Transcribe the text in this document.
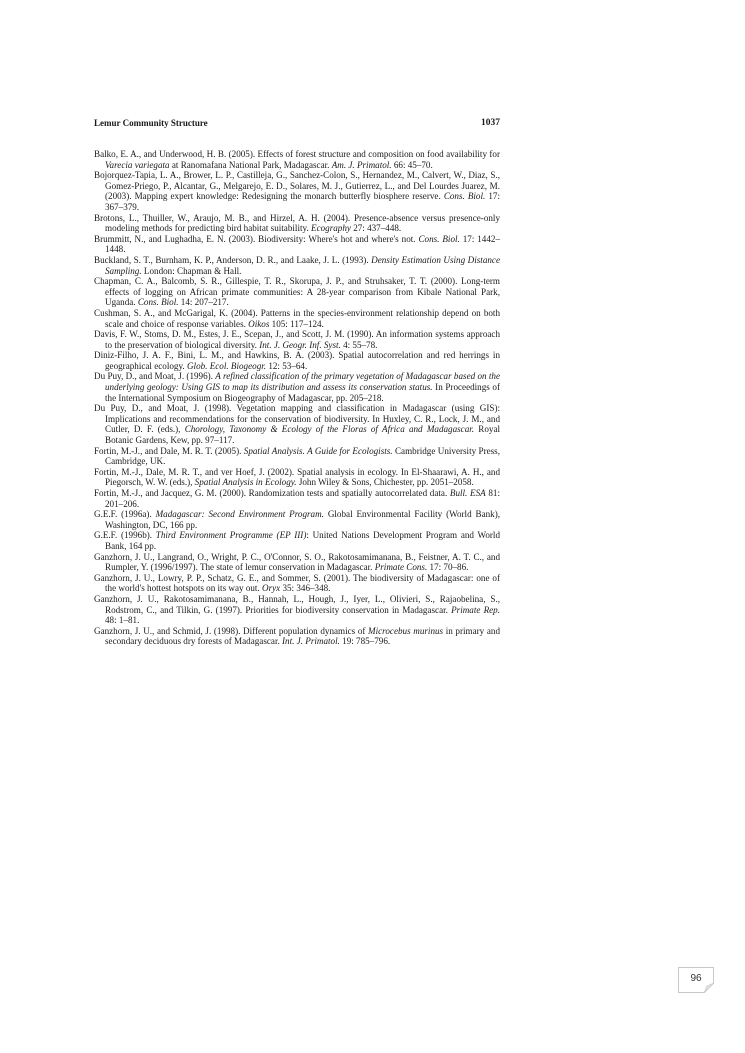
Lemur Community Structure	1037

Balko, E. A., and Underwood, H. B. (2005). Effects of forest structure and composition on food availability for Varecia variegata at Ranomafana National Park, Madagascar. Am. J. Primatol. 66: 45–70.

Bojorquez-Tapia, L. A., Brower, L. P., Castilleja, G., Sanchez-Colon, S., Hernandez, M., Calvert, W., Diaz, S., Gomez-Priego, P., Alcantar, G., Melgarejo, E. D., Solares, M. J., Gutierrez, L., and Del Lourdes Juarez, M. (2003). Mapping expert knowledge: Redesigning the monarch butterfly biosphere reserve. Cons. Biol. 17: 367–379.

Brotons, L., Thuiller, W., Araujo, M. B., and Hirzel, A. H. (2004). Presence-absence versus presence-only modeling methods for predicting bird habitat suitability. Ecography 27: 437–448.

Brummitt, N., and Lughadha, E. N. (2003). Biodiversity: Where's hot and where's not. Cons. Biol. 17: 1442–1448.

Buckland, S. T., Burnham, K. P., Anderson, D. R., and Laake, J. L. (1993). Density Estimation Using Distance Sampling. London: Chapman & Hall.

Chapman, C. A., Balcomb, S. R., Gillespie, T. R., Skorupa, J. P., and Struhsaker, T. T. (2000). Long-term effects of logging on African primate communities: A 28-year comparison from Kibale National Park, Uganda. Cons. Biol. 14: 207–217.

Cushman, S. A., and McGarigal, K. (2004). Patterns in the species-environment relationship depend on both scale and choice of response variables. Oikos 105: 117–124.

Davis, F. W., Stoms, D. M., Estes, J. E., Scepan, J., and Scott, J. M. (1990). An information systems approach to the preservation of biological diversity. Int. J. Geogr. Inf. Syst. 4: 55–78.

Diniz-Filho, J. A. F., Bini, L. M., and Hawkins, B. A. (2003). Spatial autocorrelation and red herrings in geographical ecology. Glob. Ecol. Biogeogr. 12: 53–64.

Du Puy, D., and Moat, J. (1996). A refined classification of the primary vegetation of Madagascar based on the underlying geology: Using GIS to map its distribution and assess its conservation status. In Proceedings of the International Symposium on Biogeography of Madagascar, pp. 205–218.

Du Puy, D., and Moat, J. (1998). Vegetation mapping and classification in Madagascar (using GIS): Implications and recommendations for the conservation of biodiversity. In Huxley, C. R., Lock, J. M., and Cutler, D. F. (eds.), Chorology, Taxonomy & Ecology of the Floras of Africa and Madagascar. Royal Botanic Gardens, Kew, pp. 97–117.

Fortin, M.-J., and Dale, M. R. T. (2005). Spatial Analysis. A Guide for Ecologists. Cambridge University Press, Cambridge, UK.

Fortin, M.-J., Dale, M. R. T., and ver Hoef, J. (2002). Spatial analysis in ecology. In El-Shaarawi, A. H., and Piegorsch, W. W. (eds.), Spatial Analysis in Ecology. John Wiley & Sons, Chichester, pp. 2051–2058.

Fortin, M.-J., and Jacquez, G. M. (2000). Randomization tests and spatially autocorrelated data. Bull. ESA 81: 201–206.

G.E.F. (1996a). Madagascar: Second Environment Program. Global Environmental Facility (World Bank), Washington, DC, 166 pp.

G.E.F. (1996b). Third Environment Programme (EP III): United Nations Development Program and World Bank, 164 pp.

Ganzhorn, J. U., Langrand, O., Wright, P. C., O'Connor, S. O., Rakotosamimanana, B., Feistner, A. T. C., and Rumpler, Y. (1996/1997). The state of lemur conservation in Madagascar. Primate Cons. 17: 70–86.

Ganzhorn, J. U., Lowry, P. P., Schatz, G. E., and Sommer, S. (2001). The biodiversity of Madagascar: one of the world's hottest hotspots on its way out. Oryx 35: 346–348.

Ganzhorn, J. U., Rakotosamimanana, B., Hannah, L., Hough, J., Iyer, L., Olivieri, S., Rajaobelina, S., Rodstrom, C., and Tilkin, G. (1997). Priorities for biodiversity conservation in Madagascar. Primate Rep. 48: 1–81.

Ganzhorn, J. U., and Schmid, J. (1998). Different population dynamics of Microcebus murinus in primary and secondary deciduous dry forests of Madagascar. Int. J. Primatol. 19: 785–796.

96
